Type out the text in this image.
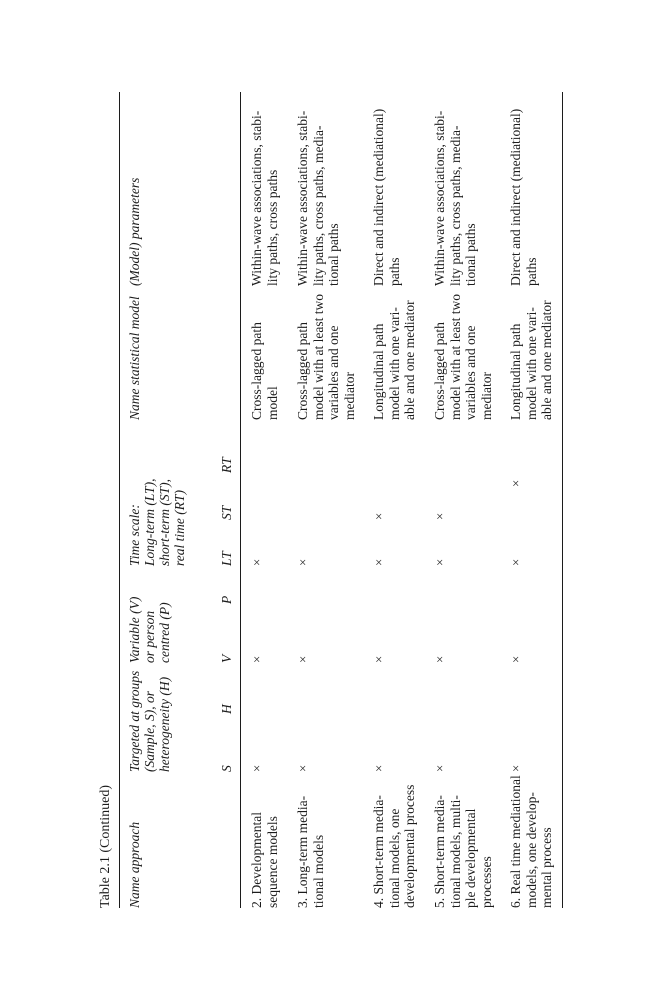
Table 2.1 (Continued) Name approach
Targeted at groups
(Sample, S), or
heterogeneity (H)
Variable (V)
or person
centred (P)
Time scale:
Long-term (LT),
short-term (ST),
real time (RT)
Name statistical model
(Model) parameters
S
H
V
P
LT
ST
RT
2. Developmental
sequence models
Cross-lagged path
model
Within-wave associations, stabi-
lity paths, cross paths
×
×
×
3. Long-term media-
tional models
Cross-lagged path
model with at least two
variables and one
mediator
Within-wave associations, stabi-
lity paths, cross paths, media-
tional paths
×
×
×
4. Short-term media-
tional models, one
developmental process
Longitudinal path
model with one vari-
able and one mediator
Direct and indirect (mediational)
paths
×
×
×
×
5. Short-term media-
tional models, multi-
ple developmental
processes
Cross-lagged path
model with at least two
variables and one
mediator
Within-wave associations, stabi-
lity paths, cross paths, media-
tional paths
×
×
×
×
6. Real time mediational
models, one develop-
mental process
Longitudinal path
model with one vari-
able and one mediator
Direct and indirect (mediational)
paths
×
×
×
×
